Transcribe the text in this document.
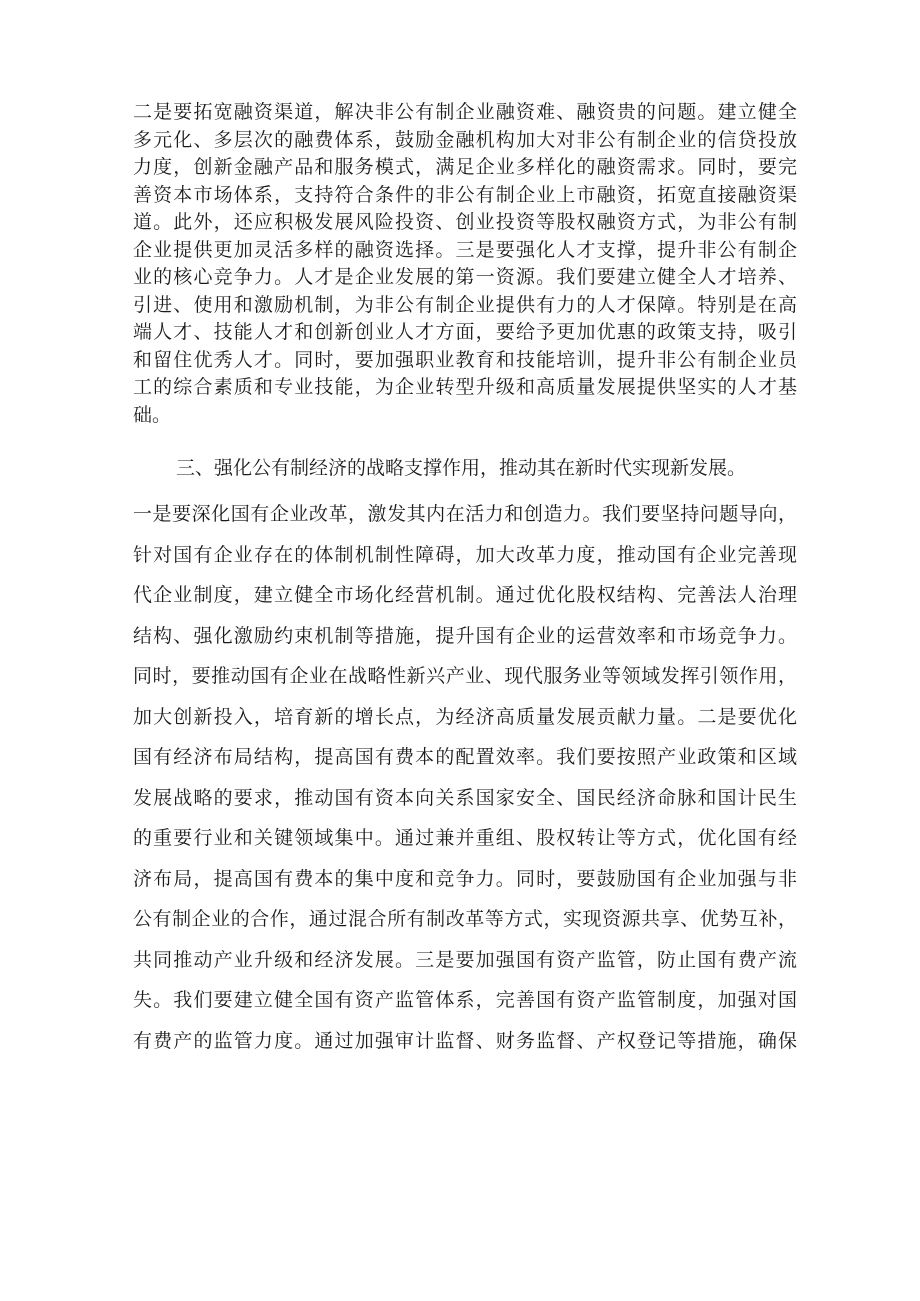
二是要拓宽融资渠道，解决非公有制企业融资难、融资贵的问题。建立健全
多元化、多层次的融费体系，鼓励金融机构加大对非公有制企业的信贷投放
力度，创新金融产品和服务模式，满足企业多样化的融资需求。同时，要完
善资本市场体系，支持符合条件的非公有制企业上市融资，拓宽直接融资渠
道。此外，还应积极发展风险投资、创业投资等股权融资方式，为非公有制
企业提供更加灵活多样的融资选择。三是要强化人才支撑，提升非公有制企
业的核心竞争力。人才是企业发展的第一资源。我们要建立健全人才培养、
引进、使用和激励机制，为非公有制企业提供有力的人才保障。特别是在高
端人才、技能人才和创新创业人才方面，要给予更加优惠的政策支持，吸引
和留住优秀人才。同时，要加强职业教育和技能培训，提升非公有制企业员
工的综合素质和专业技能，为企业转型升级和高质量发展提供坚实的人才基
础。
三、强化公有制经济的战略支撑作用，推动其在新时代实现新发展。
一是要深化国有企业改革，激发其内在活力和创造力。我们要坚持问题导向，
针对国有企业存在的体制机制性障碍，加大改革力度，推动国有企业完善现
代企业制度，建立健全市场化经营机制。通过优化股权结构、完善法人治理
结构、强化激励约束机制等措施，提升国有企业的运营效率和市场竞争力。
同时，要推动国有企业在战略性新兴产业、现代服务业等领域发挥引领作用，
加大创新投入，培育新的增长点，为经济高质量发展贡献力量。二是要优化
国有经济布局结构，提高国有费本的配置效率。我们要按照产业政策和区域
发展战略的要求，推动国有资本向关系国家安全、国民经济命脉和国计民生
的重要行业和关键领域集中。通过兼并重组、股权转让等方式，优化国有经
济布局，提高国有费本的集中度和竞争力。同时，要鼓励国有企业加强与非
公有制企业的合作，通过混合所有制改革等方式，实现资源共享、优势互补，
共同推动产业升级和经济发展。三是要加强国有资产监管，防止国有费产流
失。我们要建立健全国有资产监管体系，完善国有资产监管制度，加强对国
有费产的监管力度。通过加强审计监督、财务监督、产权登记等措施，确保
